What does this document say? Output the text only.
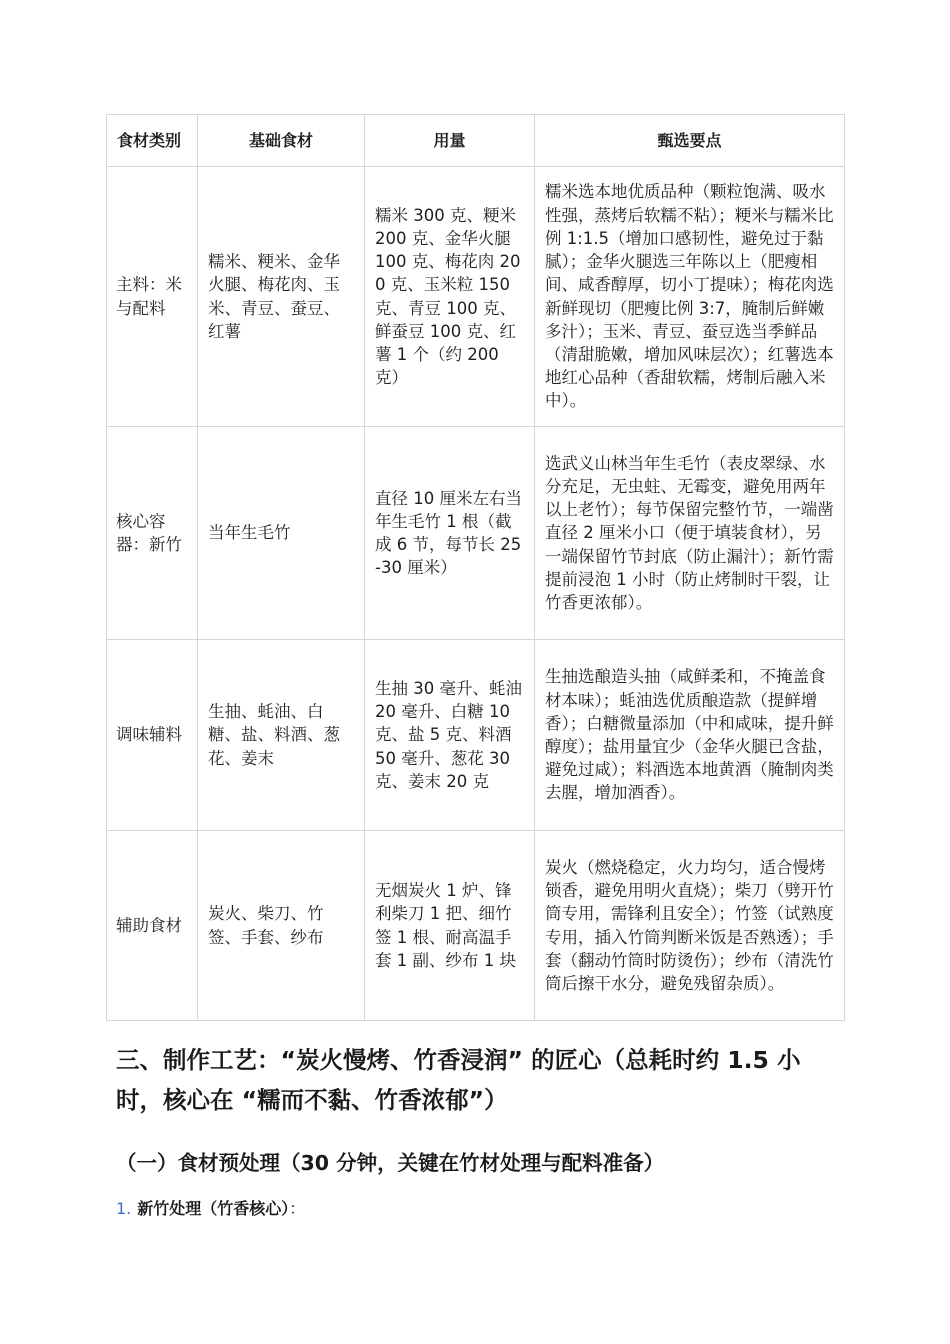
食材类别	基础食材	用量	甄选要点
主料：米与配料	糯米、粳米、金华火腿、梅花肉、玉米、青豆、蚕豆、红薯	糯米 300 克、粳米 200 克、金华火腿 100 克、梅花肉 200 克、玉米粒 150 克、青豆 100 克、鲜蚕豆 100 克、红薯 1 个（约 200 克）	糯米选本地优质品种（颗粒饱满、吸水性强，蒸烤后软糯不粘）；粳米与糯米比例 1:1.5（增加口感韧性，避免过于黏腻）；金华火腿选三年陈以上（肥瘦相间、咸香醇厚，切小丁提味）；梅花肉选新鲜现切（肥瘦比例 3:7，腌制后鲜嫩多汁）；玉米、青豆、蚕豆选当季鲜品（清甜脆嫩，增加风味层次）；红薯选本地红心品种（香甜软糯，烤制后融入米中）。
核心容器：新竹	当年生毛竹	直径 10 厘米左右当年生毛竹 1 根（截成 6 节，每节长 25-30 厘米）	选武义山林当年生毛竹（表皮翠绿、水分充足，无虫蛀、无霉变，避免用两年以上老竹）；每节保留完整竹节，一端凿直径 2 厘米小口（便于填装食材），另一端保留竹节封底（防止漏汁）；新竹需提前浸泡 1 小时（防止烤制时干裂，让竹香更浓郁）。
调味辅料	生抽、蚝油、白糖、盐、料酒、葱花、姜末	生抽 30 毫升、蚝油 20 毫升、白糖 10 克、盐 5 克、料酒 50 毫升、葱花 30 克、姜末 20 克	生抽选酿造头抽（咸鲜柔和，不掩盖食材本味）；蚝油选优质酿造款（提鲜增香）；白糖微量添加（中和咸味，提升鲜醇度）；盐用量宜少（金华火腿已含盐，避免过咸）；料酒选本地黄酒（腌制肉类去腥，增加酒香）。
辅助食材	炭火、柴刀、竹签、手套、纱布	无烟炭火 1 炉、锋利柴刀 1 把、细竹签 1 根、耐高温手套 1 副、纱布 1 块	炭火（燃烧稳定，火力均匀，适合慢烤锁香，避免用明火直烧）；柴刀（劈开竹筒专用，需锋利且安全）；竹签（试熟度专用，插入竹筒判断米饭是否熟透）；手套（翻动竹筒时防烫伤）；纱布（清洗竹筒后擦干水分，避免残留杂质）。
三、制作工艺：“炭火慢烤、竹香浸润” 的匠心（总耗时约 1.5 小时，核心在 “糯而不黏、竹香浓郁”）
（一）食材预处理（30 分钟，关键在竹材处理与配料准备）

1. 新竹处理（竹香核心）：
